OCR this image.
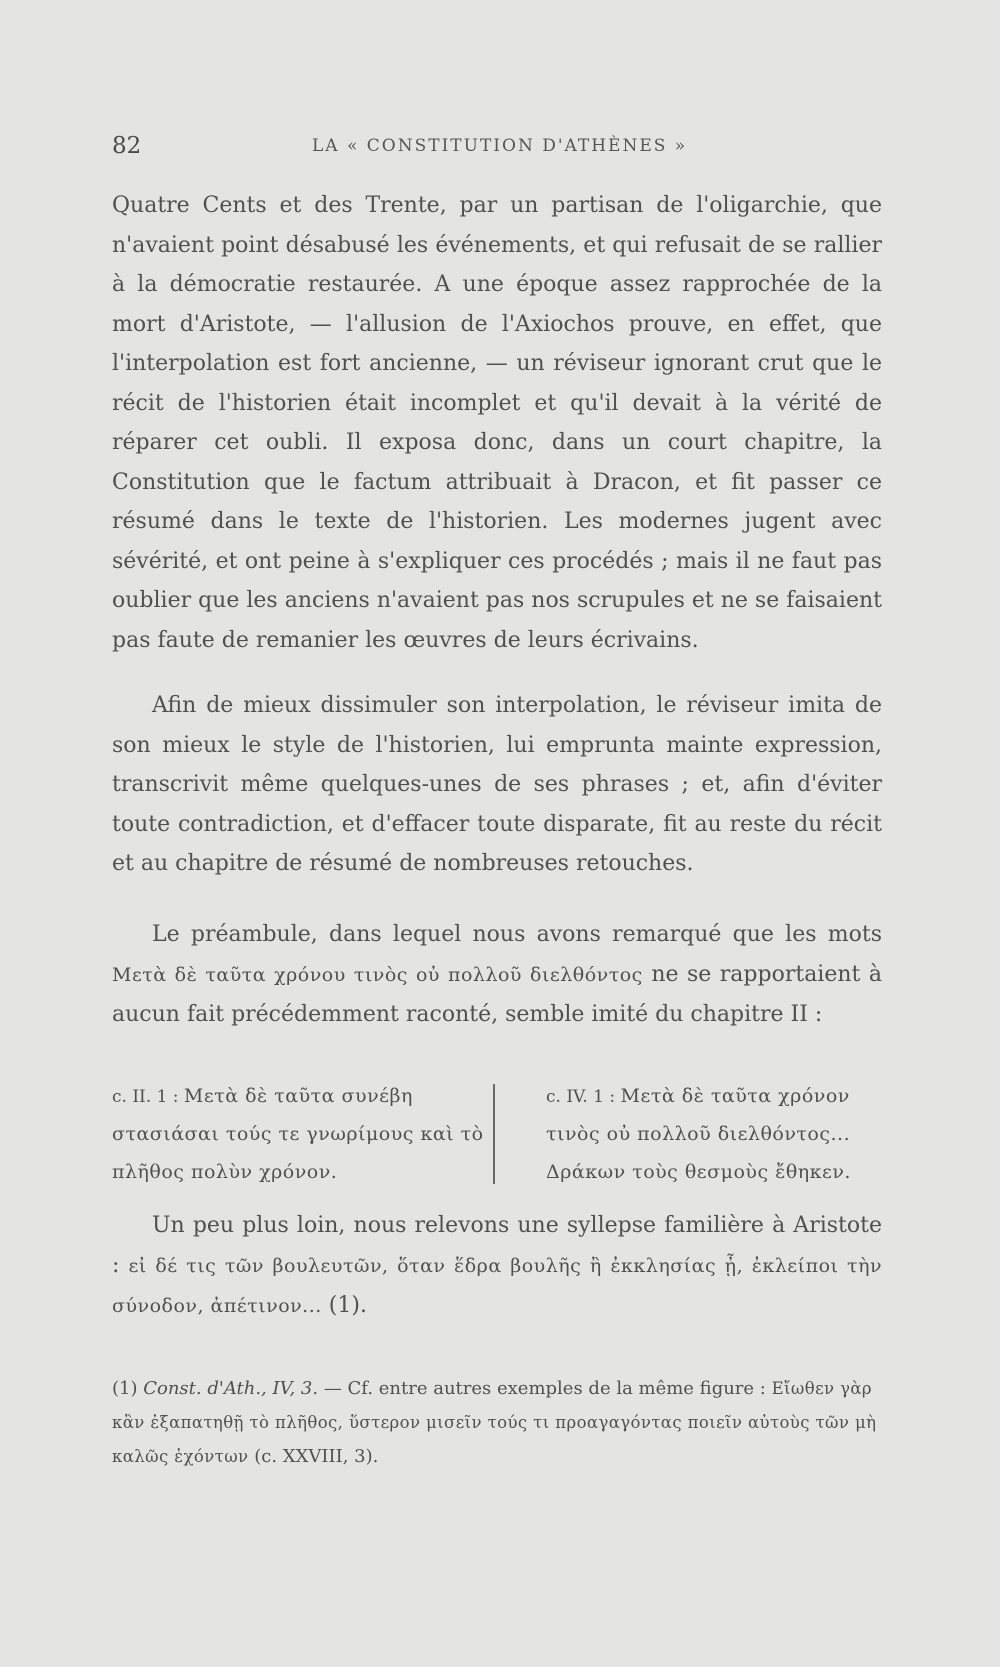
82	LA « CONSTITUTION D'ATHÈNES »
Quatre Cents et des Trente, par un partisan de l'oligarchie, que n'avaient point désabusé les événements, et qui refusait de se rallier à la démocratie restaurée. A une époque assez rapprochée de la mort d'Aristote, — l'allusion de l'Axiochos prouve, en effet, que l'interpolation est fort ancienne, — un réviseur ignorant crut que le récit de l'historien était incomplet et qu'il devait à la vérité de réparer cet oubli. Il exposa donc, dans un court chapitre, la Constitution que le factum attribuait à Dracon, et fit passer ce résumé dans le texte de l'historien. Les modernes jugent avec sévérité, et ont peine à s'expliquer ces procédés ; mais il ne faut pas oublier que les anciens n'avaient pas nos scrupules et ne se faisaient pas faute de remanier les œuvres de leurs écrivains.
Afin de mieux dissimuler son interpolation, le réviseur imita de son mieux le style de l'historien, lui emprunta mainte expression, transcrivit même quelques-unes de ses phrases ; et, afin d'éviter toute contradiction, et d'effacer toute disparate, fit au reste du récit et au chapitre de résumé de nombreuses retouches.
Le préambule, dans lequel nous avons remarqué que les mots Μετὰ δὲ ταῦτα χρόνου τινὸς οὐ πολλοῦ διελθόντος ne se rapportaient à aucun fait précédemment raconté, semble imité du chapitre II :
c. II. 1 : Μετὰ δὲ ταῦτα συνέβη στασιάσαι τούς τε γνωρίμους καὶ τὸ πλῆθος πολὺν χρόνον.
c. IV. 1 : Μετὰ δὲ ταῦτα χρόνον τινὸς οὐ πολλοῦ διελθόντος... Δράκων τοὺς θεσμοὺς ἔθηκεν.
Un peu plus loin, nous relevons une syllepse familière à Aristote : εἰ δέ τις τῶν βουλευτῶν, ὅταν ἕδρα βουλῆς ἢ ἐκκλησίας ᾖ, ἐκλείποι τὴν σύνοδον, ἀπέτινον... (1).
(1) Const. d'Ath., IV, 3. — Cf. entre autres exemples de la même figure : Εἴωθεν γὰρ κἂν ἐξαπατηθῇ τὸ πλῆθος, ὕστερον μισεῖν τούς τι προαγαγόντας ποιεῖν αὐτοὺς τῶν μὴ καλῶς ἐχόντων (c. XXVIII, 3).
